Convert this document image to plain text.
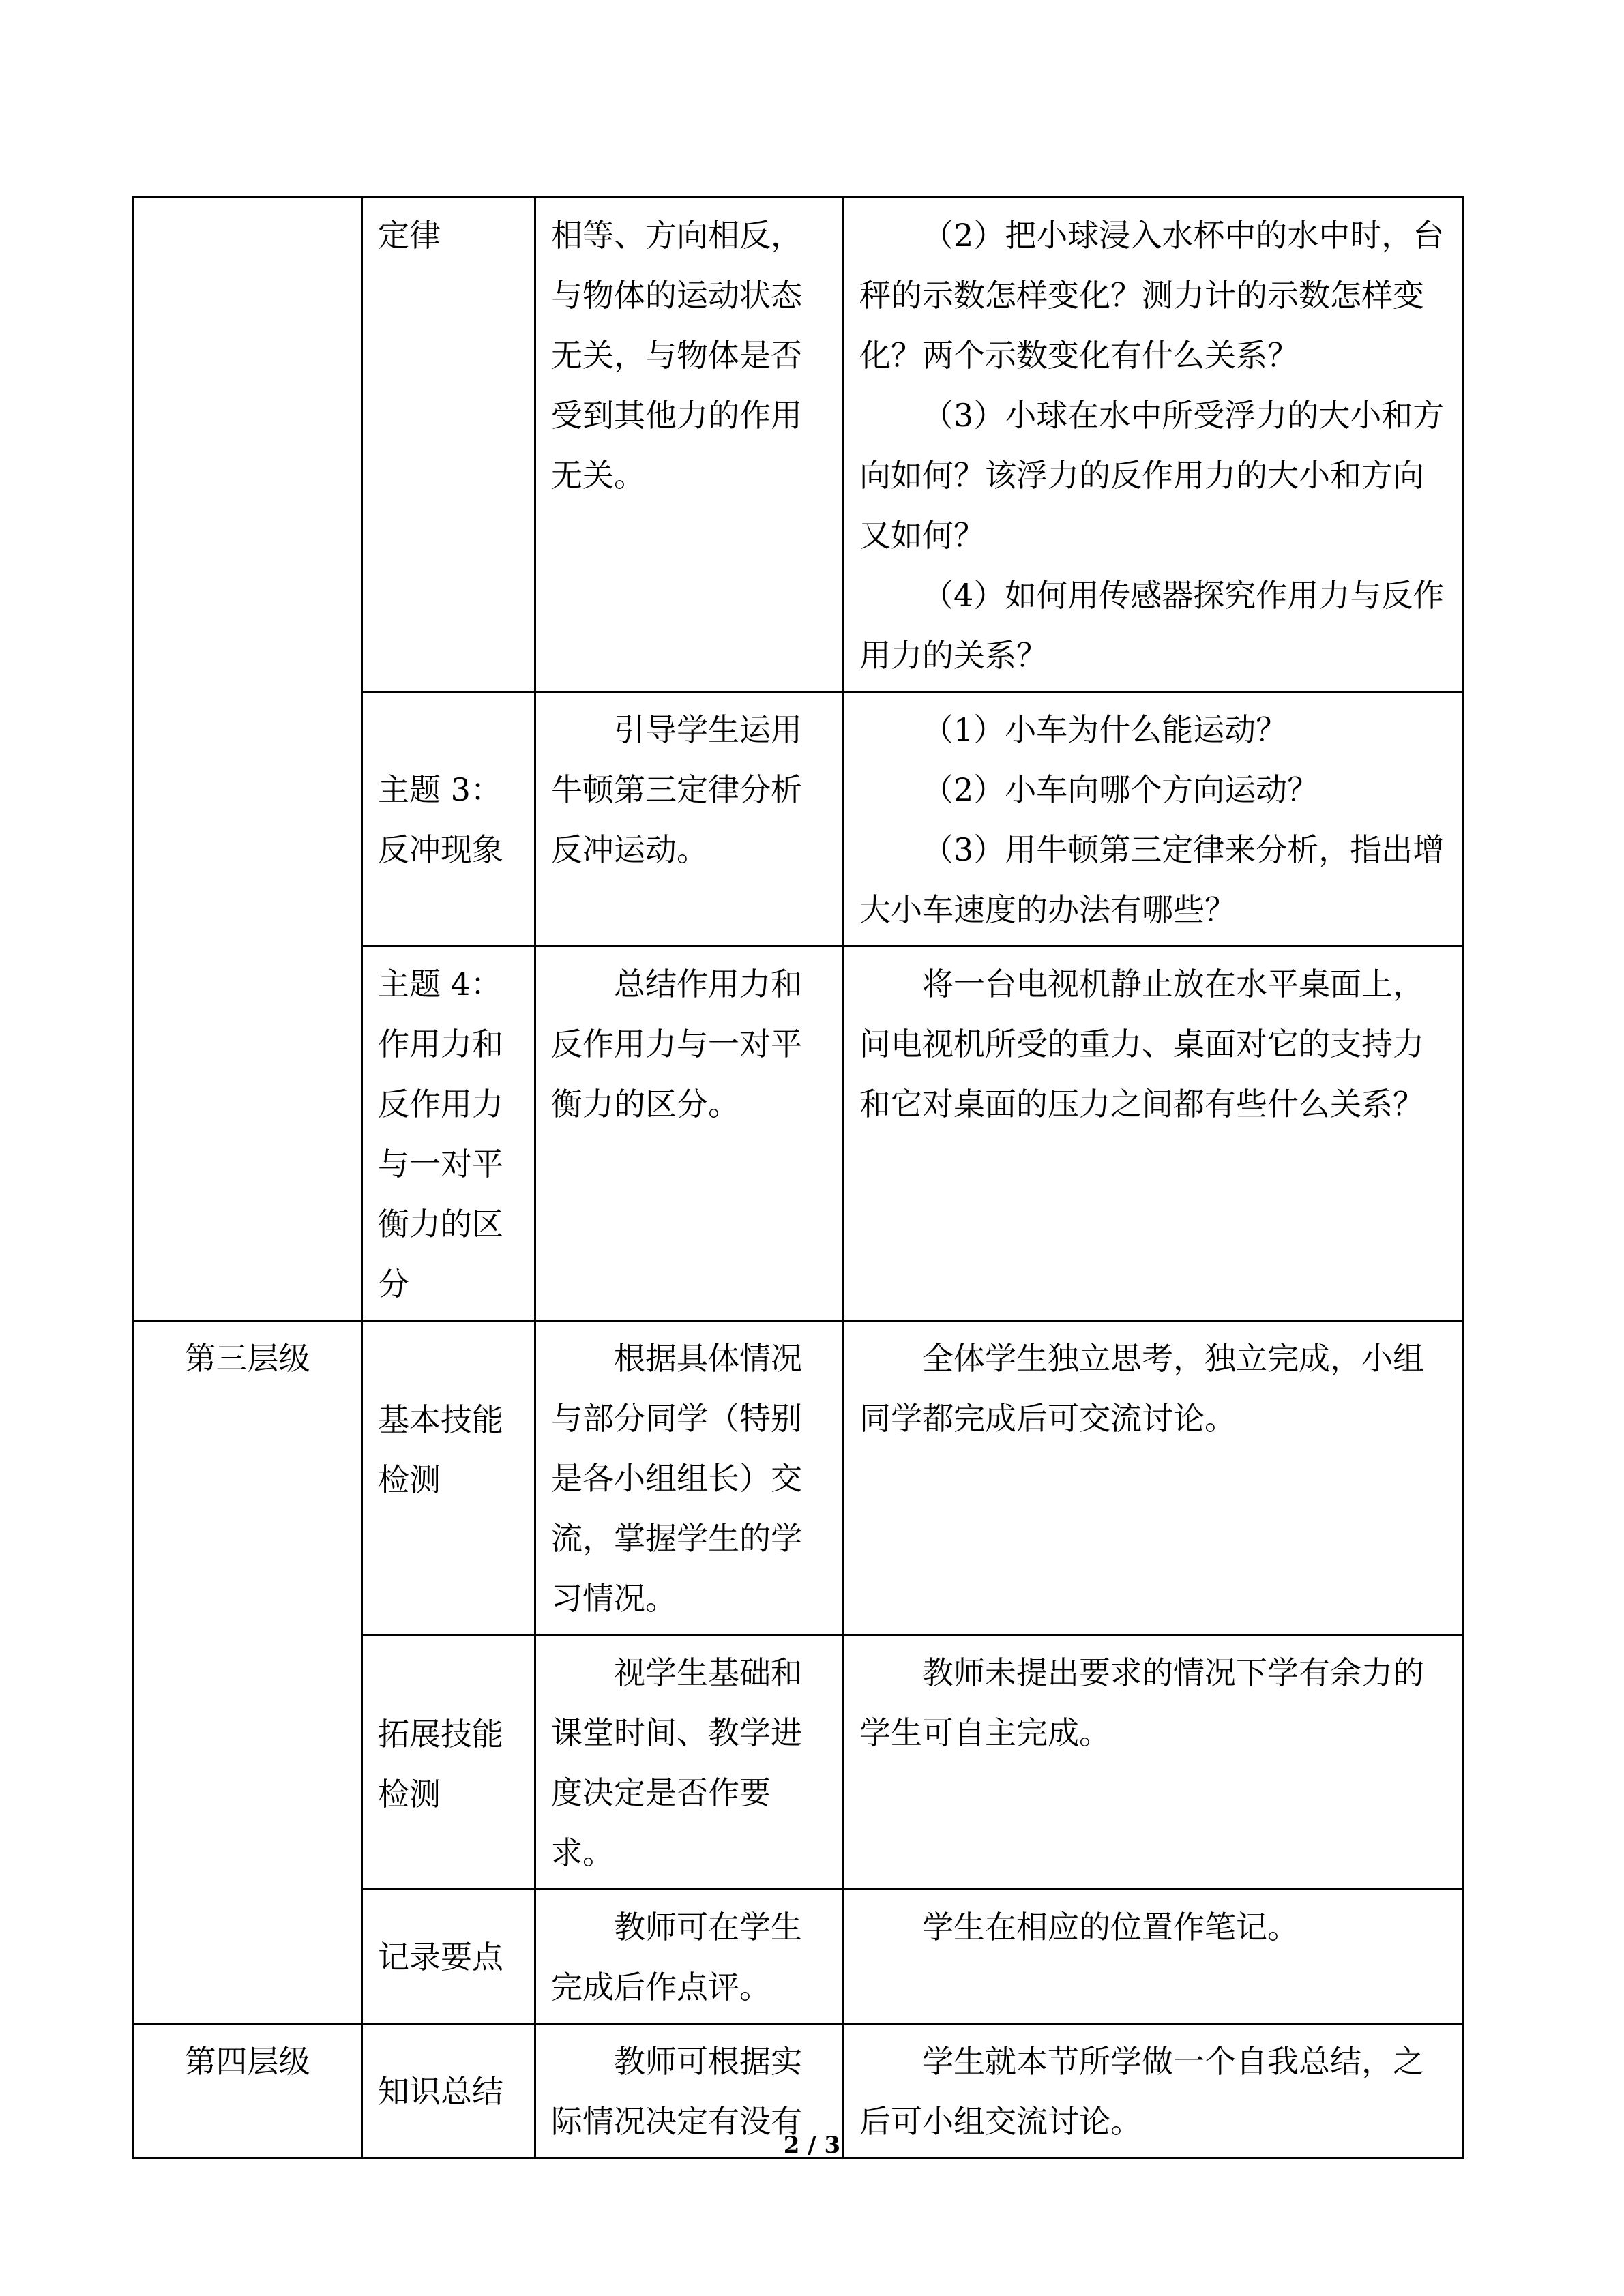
	定律	相等、方向相反，与物体的运动状态无关，与物体是否受到其他力的作用无关。	（2）把小球浸入水杯中的水中时，台秤的示数怎样变化？测力计的示数怎样变化？两个示数变化有什么关系？

（3）小球在水中所受浮力的大小和方向如何？该浮力的反作用力的大小和方向又如何？

（4）如何用传感器探究作用力与反作用力的关系？

	主题 3：反冲现象	引导学生运用牛顿第三定律分析反冲运动。	（1）小车为什么能运动？

（2）小车向哪个方向运动？

（3）用牛顿第三定律来分析，指出增大小车速度的办法有哪些？

	主题 4：作用力和反作用力与一对平衡力的区分	总结作用力和反作用力与一对平衡力的区分。	将一台电视机静止放在水平桌面上，问电视机所受的重力、桌面对它的支持力和它对桌面的压力之间都有些什么关系？

第三层级	基本技能检测	根据具体情况与部分同学（特别是各小组组长）交流，掌握学生的学习情况。	全体学生独立思考，独立完成，小组同学都完成后可交流讨论。

	拓展技能检测	视学生基础和课堂时间、教学进度决定是否作要求。	教师未提出要求的情况下学有余力的学生可自主完成。

	记录要点	教师可在学生完成后作点评。	学生在相应的位置作笔记。

第四层级	知识总结	教师可根据实际情况决定有没有	学生就本节所学做一个自我总结，之后可小组交流讨论。

2 / 3
